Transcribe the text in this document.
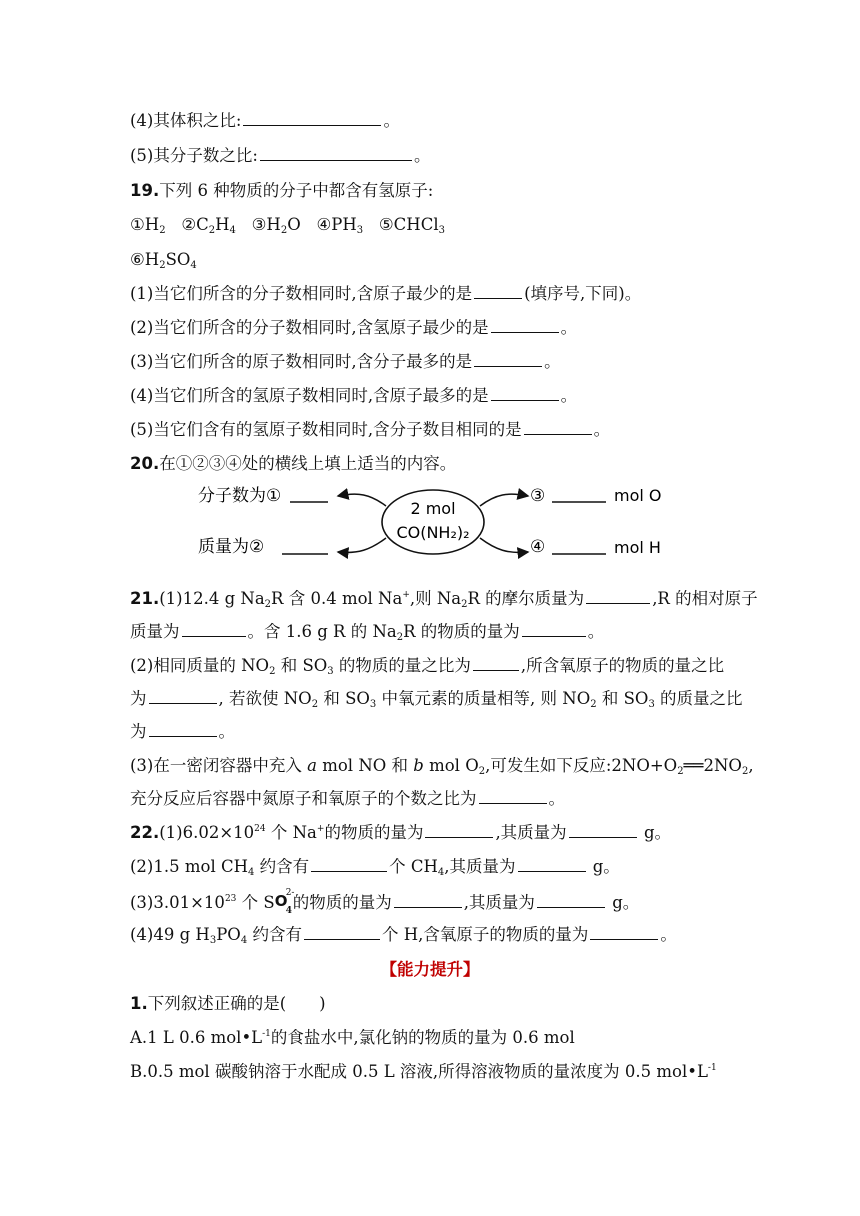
(4)其体积之比:	。
(5)其分子数之比:	。
19.下列 6 种物质的分子中都含有氢原子:
$①H_2$ $②C_2H_4$ $③H_2O$ $④PH_3$ ⑤CHCl$_3$
$⑥H_2SO_4$
(1)当它们所含的分子数相同时,含原子最少的是	(填序号,下同)。
(2)当它们所含的分子数相同时,含氢原子最少的是	。
(3)当它们所含的原子数相同时,含分子最多的是	。
(4)当它们所含的氢原子数相同时,含原子最多的是	。
(5)当它们含有的氢原子数相同时,含分子数目相同的是	。
20.在①②③④处的横线上填上适当的内容。
分子数为①
质量为②
2 mol
CO(NH₂)₂
③	mol O
④	mol H
21.(1)12.4 g $Na_2R$ 含 0.4 mol Na+,则 $Na_2R$ 的摩尔质量为	,R 的相对原子
质量为	。含 1.6 g R 的 $Na_2R$ 的物质的量为	。
(2)相同质量的 $NO_2$ 和 $SO_3$ 的物质的量之比为	,所含氧原子的物质的量之比
为	, 若欲使 $NO_2$ 和 $SO_3$ 中氧元素的质量相等, 则 $NO_2$ 和 $SO_3$ 的质量之比
为	。
(3)在一密闭容器中充入 a mol NO 和 b mol $O_2$,可发生如下反应$:2NO+O_2══2NO_2$,
充分反应后容器中氮原子和氧原子的个数之比为	。
$22.(1)6.02\times 10^{24}$ 个 Na+的物质的量为	,其质量为	g。
(2)1.5 mol $CH_4$ 约含有	个 $CH_4$,其质量为	g。
$(3)3.01\times 10^{23}$ 个 S O
2-
4 的物质的量为	,其质量为	g。
(4)49 g $H_3PO_4$ 约含有	个 H,含氧原子的物质的量为	。
【能力提升】
1.下列叙述正确的是(　　)
A.1 L 0.6 $mol•L^{-1}$的食盐水中,氯化钠的物质的量为 0.6 mol
B.0.5 mol 碳酸钠溶于水配成 0.5 L 溶液,所得溶液物质的量浓度为 0.5 $mol•L^{-1}$
